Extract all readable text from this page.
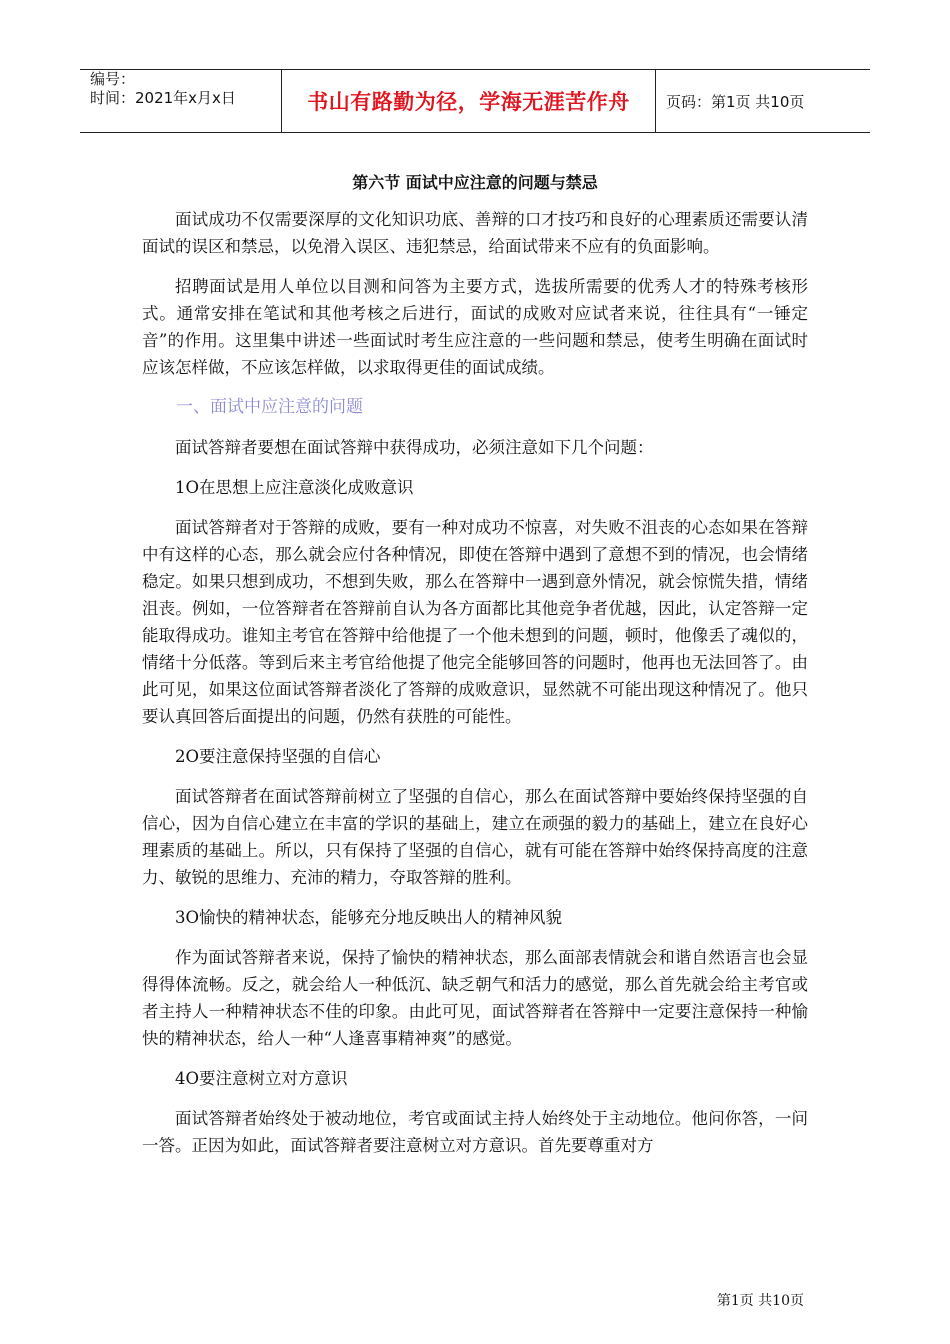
编号：
时间：2021年x月x日	书山有路勤为径，学海无涯苦作舟	页码：第1页 共10页
第六节 面试中应注意的问题与禁忌

面试成功不仅需要深厚的文化知识功底、善辩的口才技巧和良好的心理素质还需要认清面试的误区和禁忌，以免滑入误区、违犯禁忌，给面试带来不应有的负面影响。

招聘面试是用人单位以目测和问答为主要方式，选拔所需要的优秀人才的特殊考核形式。通常安排在笔试和其他考核之后进行，面试的成败对应试者来说，往往具有“一锤定音”的作用。这里集中讲述一些面试时考生应注意的一些问题和禁忌，使考生明确在面试时应该怎样做，不应该怎样做，以求取得更佳的面试成绩。

一、面试中应注意的问题

面试答辩者要想在面试答辩中获得成功，必须注意如下几个问题：

1O在思想上应注意淡化成败意识

面试答辩者对于答辩的成败，要有一种对成功不惊喜，对失败不沮丧的心态如果在答辩中有这样的心态，那么就会应付各种情况，即使在答辩中遇到了意想不到的情况，也会情绪稳定。如果只想到成功，不想到失败，那么在答辩中一遇到意外情况，就会惊慌失措，情绪沮丧。例如，一位答辩者在答辩前自认为各方面都比其他竞争者优越，因此，认定答辩一定能取得成功。谁知主考官在答辩中给他提了一个他未想到的问题，顿时，他像丢了魂似的，情绪十分低落。等到后来主考官给他提了他完全能够回答的问题时，他再也无法回答了。由此可见，如果这位面试答辩者淡化了答辩的成败意识，显然就不可能出现这种情况了。他只要认真回答后面提出的问题，仍然有获胜的可能性。

2O要注意保持坚强的自信心

面试答辩者在面试答辩前树立了坚强的自信心，那么在面试答辩中要始终保持坚强的自信心，因为自信心建立在丰富的学识的基础上，建立在顽强的毅力的基础上，建立在良好心理素质的基础上。所以，只有保持了坚强的自信心，就有可能在答辩中始终保持高度的注意力、敏锐的思维力、充沛的精力，夺取答辩的胜利。

3O愉快的精神状态，能够充分地反映出人的精神风貌

作为面试答辩者来说，保持了愉快的精神状态，那么面部表情就会和谐自然语言也会显得得体流畅。反之，就会给人一种低沉、缺乏朝气和活力的感觉，那么首先就会给主考官或者主持人一种精神状态不佳的印象。由此可见，面试答辩者在答辩中一定要注意保持一种愉快的精神状态，给人一种“人逢喜事精神爽”的感觉。

4O要注意树立对方意识

面试答辩者始终处于被动地位，考官或面试主持人始终处于主动地位。他问你答，一问一答。正因为如此，面试答辩者要注意树立对方意识。首先要尊重对方

第1页 共10页
